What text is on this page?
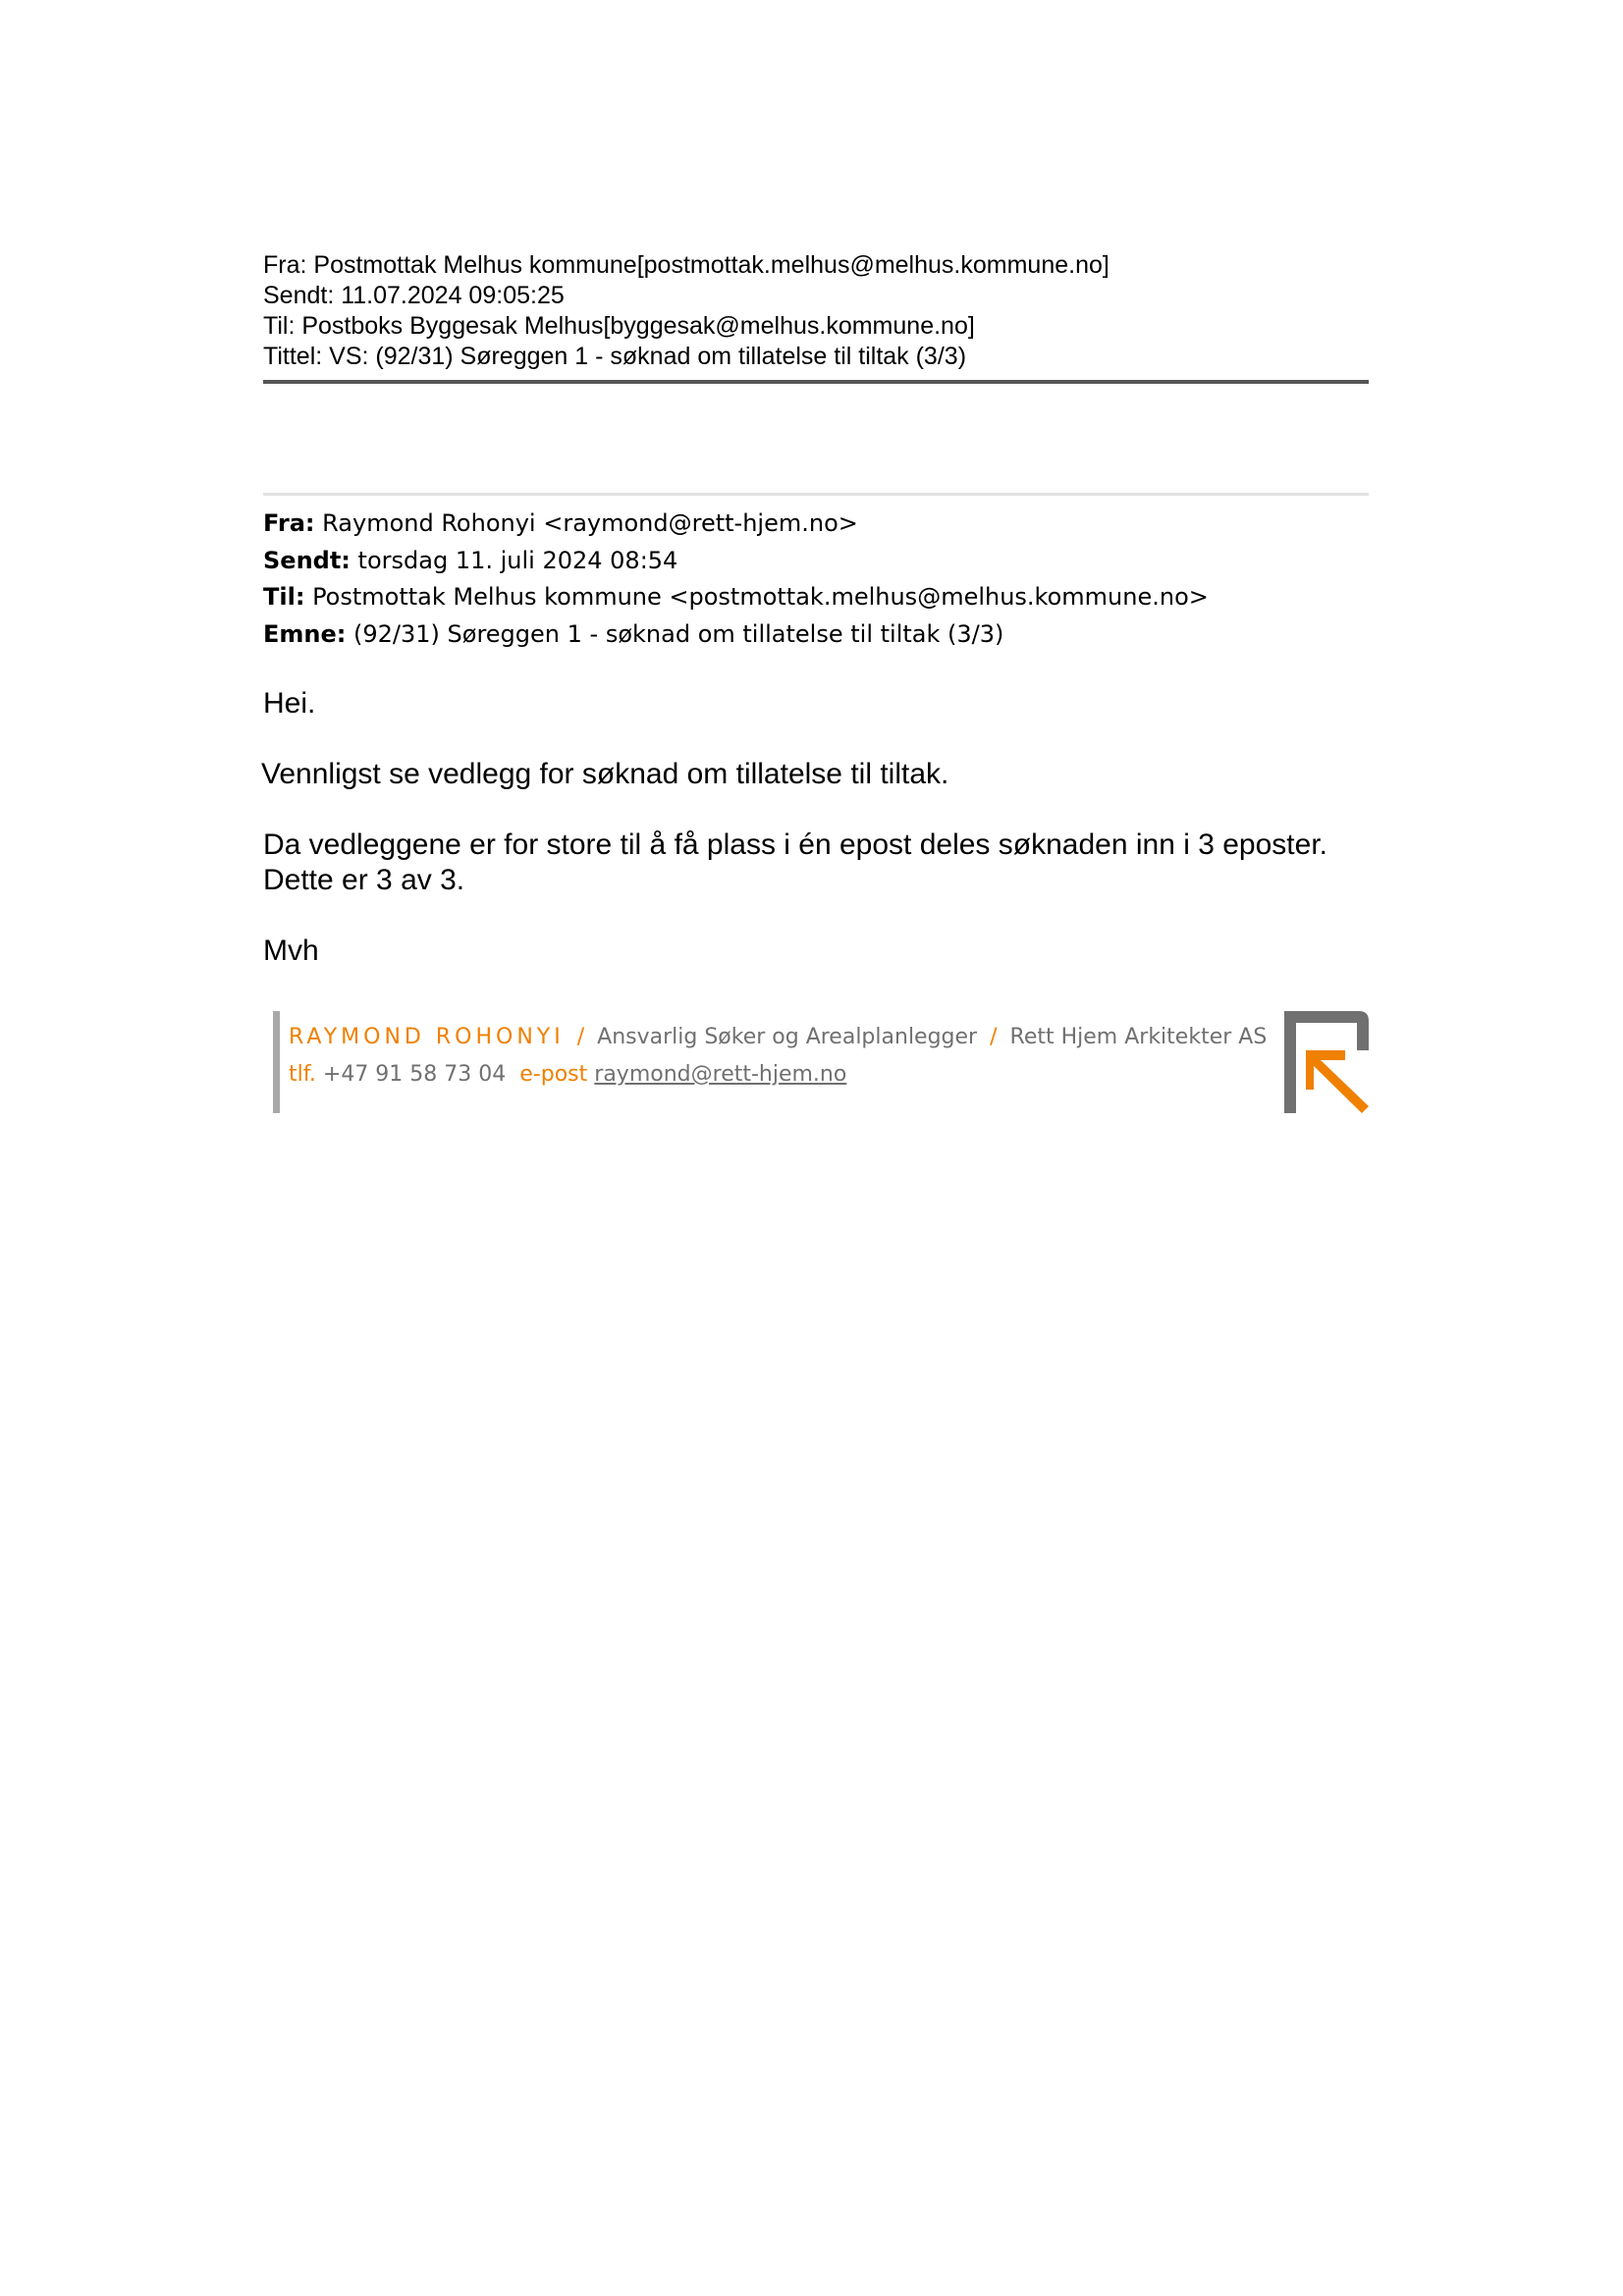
Fra: Postmottak Melhus kommune[postmottak.melhus@melhus.kommune.no]
Sendt: 11.07.2024 09:05:25
Til: Postboks Byggesak Melhus[byggesak@melhus.kommune.no]
Tittel: VS: (92/31) Søreggen 1 - søknad om tillatelse til tiltak (3/3)
Fra: Raymond Rohonyi <raymond@rett-hjem.no>
Sendt: torsdag 11. juli 2024 08:54
Til: Postmottak Melhus kommune <postmottak.melhus@melhus.kommune.no>
Emne: (92/31) Søreggen 1 - søknad om tillatelse til tiltak (3/3)
Hei.
Vennligst se vedlegg for søknad om tillatelse til tiltak.
Da vedleggene er for store til å få plass i én epost deles søknaden inn i 3 eposter.
Dette er 3 av 3.
Mvh
RAYMOND ROHONYI / Ansvarlig Søker og Arealplanlegger / Rett Hjem Arkitekter AS
tlf. +47 91 58 73 04 e-post raymond@rett-hjem.no
